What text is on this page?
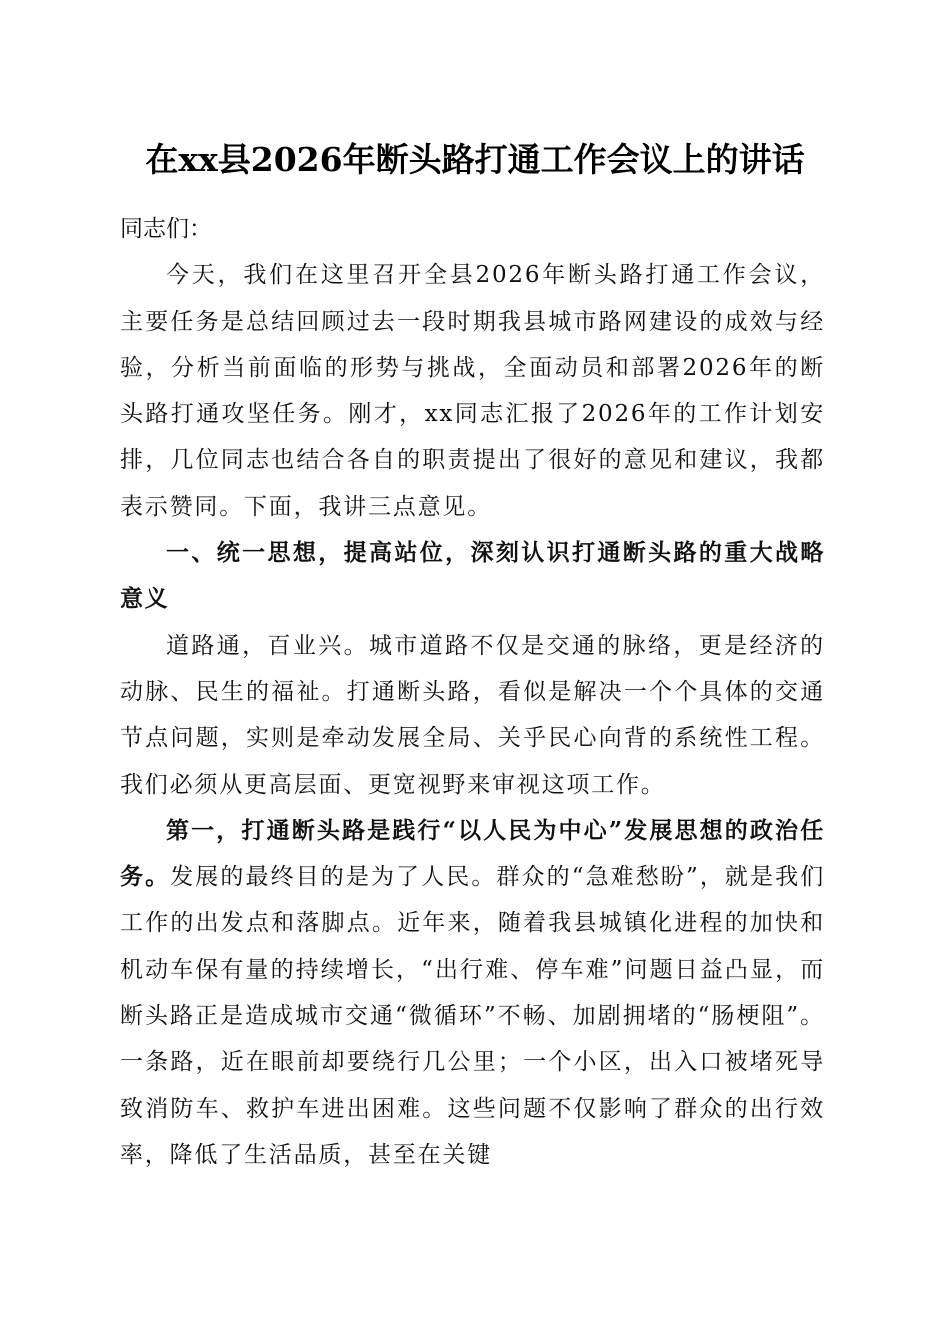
在xx县2026年断头路打通工作会议上的讲话

同志们：

今天，我们在这里召开全县2026年断头路打通工作会议，主要任务是总结回顾过去一段时期我县城市路网建设的成效与经验，分析当前面临的形势与挑战，全面动员和部署2026年的断头路打通攻坚任务。刚才，xx同志汇报了2026年的工作计划安排，几位同志也结合各自的职责提出了很好的意见和建议，我都表示赞同。下面，我讲三点意见。

一、统一思想，提高站位，深刻认识打通断头路的重大战略意义

道路通，百业兴。城市道路不仅是交通的脉络，更是经济的动脉、民生的福祉。打通断头路，看似是解决一个个具体的交通节点问题，实则是牵动发展全局、关乎民心向背的系统性工程。我们必须从更高层面、更宽视野来审视这项工作。

第一，打通断头路是践行“以人民为中心”发展思想的政治任务。发展的最终目的是为了人民。群众的“急难愁盼”，就是我们工作的出发点和落脚点。近年来，随着我县城镇化进程的加快和机动车保有量的持续增长，“出行难、停车难”问题日益凸显，而断头路正是造成城市交通“微循环”不畅、加剧拥堵的“肠梗阻”。一条路，近在眼前却要绕行几公里；一个小区，出入口被堵死导致消防车、救护车进出困难。这些问题不仅影响了群众的出行效率，降低了生活品质，甚至在关键
